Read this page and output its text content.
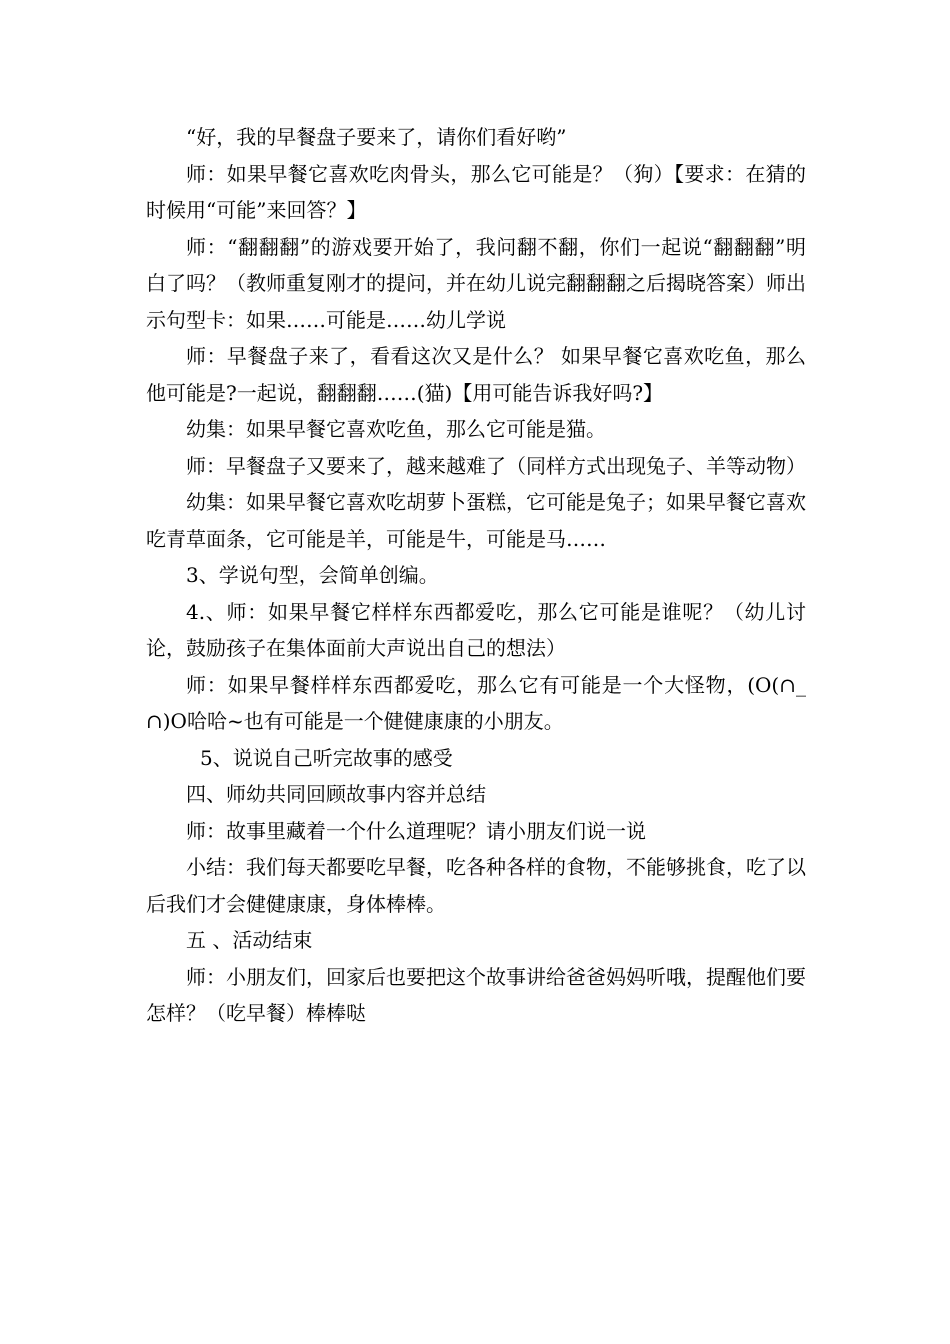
“好，我的早餐盘子要来了，请你们看好哟”

师：如果早餐它喜欢吃肉骨头，那么它可能是？（狗）【要求：在猜的时候用“可能”来回答？】

师：“翻翻翻”的游戏要开始了，我问翻不翻，你们一起说“翻翻翻”明白了吗？（教师重复刚才的提问，并在幼儿说完翻翻翻之后揭晓答案）师出示句型卡：如果……可能是……幼儿学说

师：早餐盘子来了，看看这次又是什么？ 如果早餐它喜欢吃鱼，那么他可能是?一起说，翻翻翻……(猫)【用可能告诉我好吗?】

幼集：如果早餐它喜欢吃鱼，那么它可能是猫。

师：早餐盘子又要来了，越来越难了（同样方式出现兔子、羊等动物）

幼集：如果早餐它喜欢吃胡萝卜蛋糕，它可能是兔子；如果早餐它喜欢吃青草面条，它可能是羊，可能是牛，可能是马……

3、学说句型，会简单创编。

4.、师：如果早餐它样样东西都爱吃，那么它可能是谁呢？（幼儿讨论，鼓励孩子在集体面前大声说出自己的想法）

师：如果早餐样样东西都爱吃，那么它有可能是一个大怪物，(O(∩_∩)O哈哈~也有可能是一个健健康康的小朋友。

5、说说自己听完故事的感受

四、师幼共同回顾故事内容并总结

师：故事里藏着一个什么道理呢？请小朋友们说一说

小结：我们每天都要吃早餐，吃各种各样的食物，不能够挑食，吃了以后我们才会健健康康，身体棒棒。

五 、活动结束

师：小朋友们，回家后也要把这个故事讲给爸爸妈妈听哦，提醒他们要怎样？（吃早餐）棒棒哒
